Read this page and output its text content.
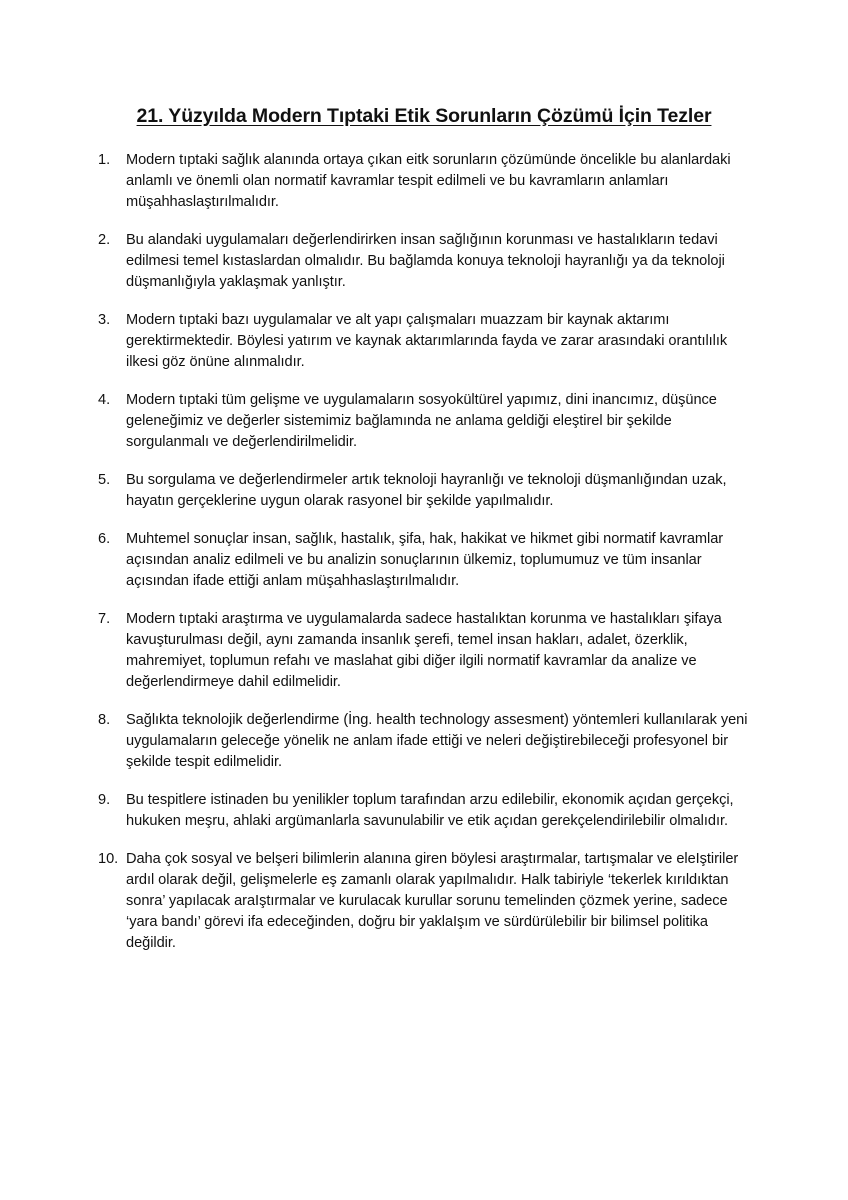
21. Yüzyılda Modern Tıptaki Etik Sorunların Çözümü İçin Tezler
1.	Modern tıptaki sağlık alanında ortaya çıkan eitk sorunların çözümünde öncelikle bu alanlardaki anlamlı ve önemli olan normatif kavramlar tespit edilmeli ve bu kavramların anlamları müşahhaslaştırılmalıdır.
2.	Bu alandaki uygulamaları değerlendirirken insan sağlığının korunması ve hastalıkların tedavi edilmesi temel kıstaslardan olmalıdır. Bu bağlamda konuya teknoloji hayranlığı ya da teknoloji düşmanlığıyla yaklaşmak yanlıştır.
3.	Modern tıptaki bazı uygulamalar ve alt yapı çalışmaları muazzam bir kaynak aktarımı gerektirmektedir. Böylesi yatırım ve kaynak aktarımlarında fayda ve zarar arasındaki orantılılık ilkesi göz önüne alınmalıdır.
4.	Modern tıptaki tüm gelişme ve uygulamaların sosyokültürel yapımız, dini inancımız, düşünce geleneğimiz ve değerler sistemimiz bağlamında ne anlama geldiği eleştirel bir şekilde sorgulanmalı ve değerlendirilmelidir.
5.	Bu sorgulama ve değerlendirmeler artık teknoloji hayranlığı ve teknoloji düşmanlığından uzak, hayatın gerçeklerine uygun olarak rasyonel bir şekilde yapılmalıdır.
6.	Muhtemel sonuçlar insan, sağlık, hastalık, şifa, hak, hakikat ve hikmet gibi normatif kavramlar açısından analiz edilmeli ve bu analizin sonuçlarının ülkemiz, toplumumuz ve tüm insanlar açısından ifade ettiği anlam müşahhaslaştırılmalıdır.
7.	Modern tıptaki araştırma ve uygulamalarda sadece hastalıktan korunma ve hastalıkları şifaya kavuşturulması değil, aynı zamanda insanlık şerefi, temel insan hakları, adalet, özerklik, mahremiyet, toplumun refahı ve maslahat gibi diğer ilgili normatif kavramlar da analize ve değerlendirmeye dahil edilmelidir.
8.	Sağlıkta teknolojik değerlendirme (İng. health technology assesment) yöntemleri kullanılarak yeni uygulamaların geleceğe yönelik ne anlam ifade ettiği ve neleri değiştirebileceği profesyonel bir şekilde tespit edilmelidir.
9.	Bu tespitlere istinaden bu yenilikler toplum tarafından arzu edilebilir, ekonomik açıdan gerçekçi, hukuken meşru, ahlaki argümanlarla savunulabilir ve etik açıdan gerekçelendirilebilir olmalıdır.
10. Daha çok sosyal ve belşeri bilimlerin alanına giren böylesi araştırmalar, tartışmalar ve eleIştiriler ardıl olarak değil, gelişmelerle eş zamanlı olarak yapılmalıdır. Halk tabiriyle ‘tekerlek kırıldıktan sonra’ yapılacak araIştırmalar ve kurulacak kurullar sorunu temelinden çözmek yerine, sadece ‘yara bandı’ görevi ifa edeceğinden, doğru bir yaklaIşım ve sürdürülebilir bir bilimsel politika değildir.
